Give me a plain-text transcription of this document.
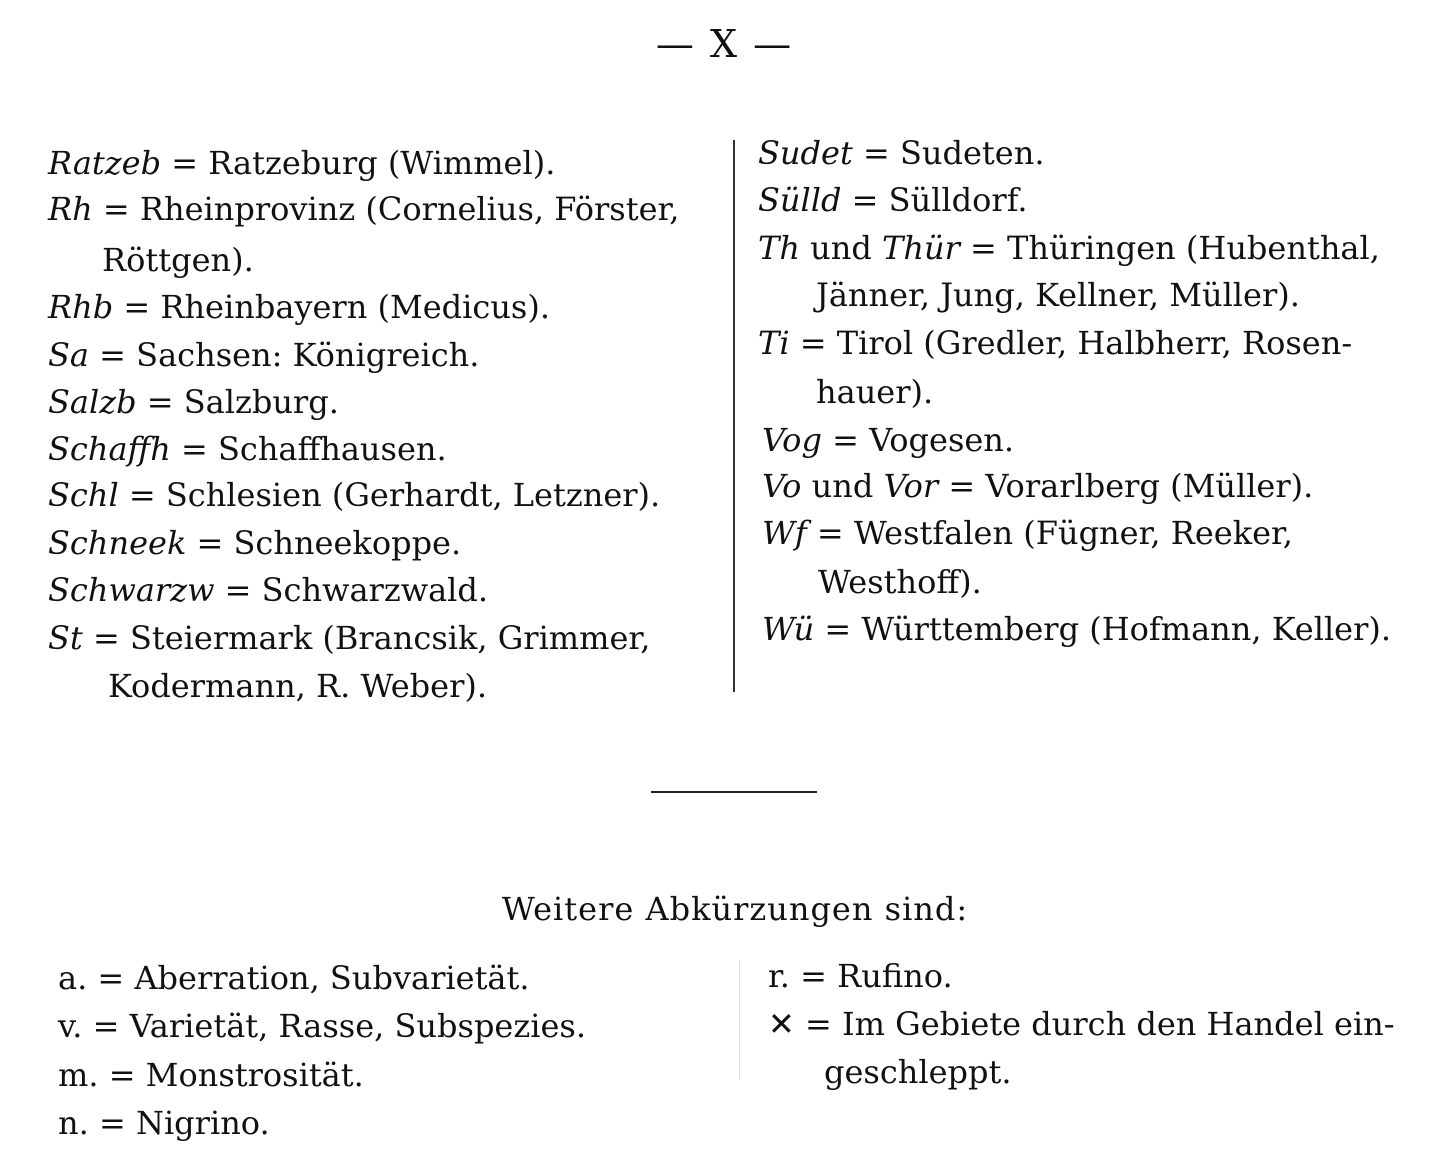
— X —
Ratzeb = Ratzeburg (Wimmel).
Rh = Rheinprovinz (Cornelius, Förster,
Röttgen).
Rhb = Rheinbayern (Medicus).
Sa = Sachsen: Königreich.
Salzb = Salzburg.
Schaffh = Schaffhausen.
Schl = Schlesien (Gerhardt, Letzner).
Schneek = Schneekoppe.
Schwarzw = Schwarzwald.
St = Steiermark (Brancsik, Grimmer,
Kodermann, R. Weber).
Sudet = Sudeten.
Sülld = Sülldorf.
Th und Thür = Thüringen (Hubenthal,
Jänner, Jung, Kellner, Müller).
Ti = Tirol (Gredler, Halbherr, Rosen-
hauer).
Vog = Vogesen.
Vo und Vor = Vorarlberg (Müller).
Wf = Westfalen (Fügner, Reeker,
Westhoff).
Wü = Württemberg (Hofmann, Keller).
Weitere Abkürzungen sind:
a. = Aberration, Subvarietät.
v. = Varietät, Rasse, Subspezies.
m. = Monstrosität.
n. = Nigrino.
r. = Rufino.
✕ = Im Gebiete durch den Handel ein-
geschleppt.
